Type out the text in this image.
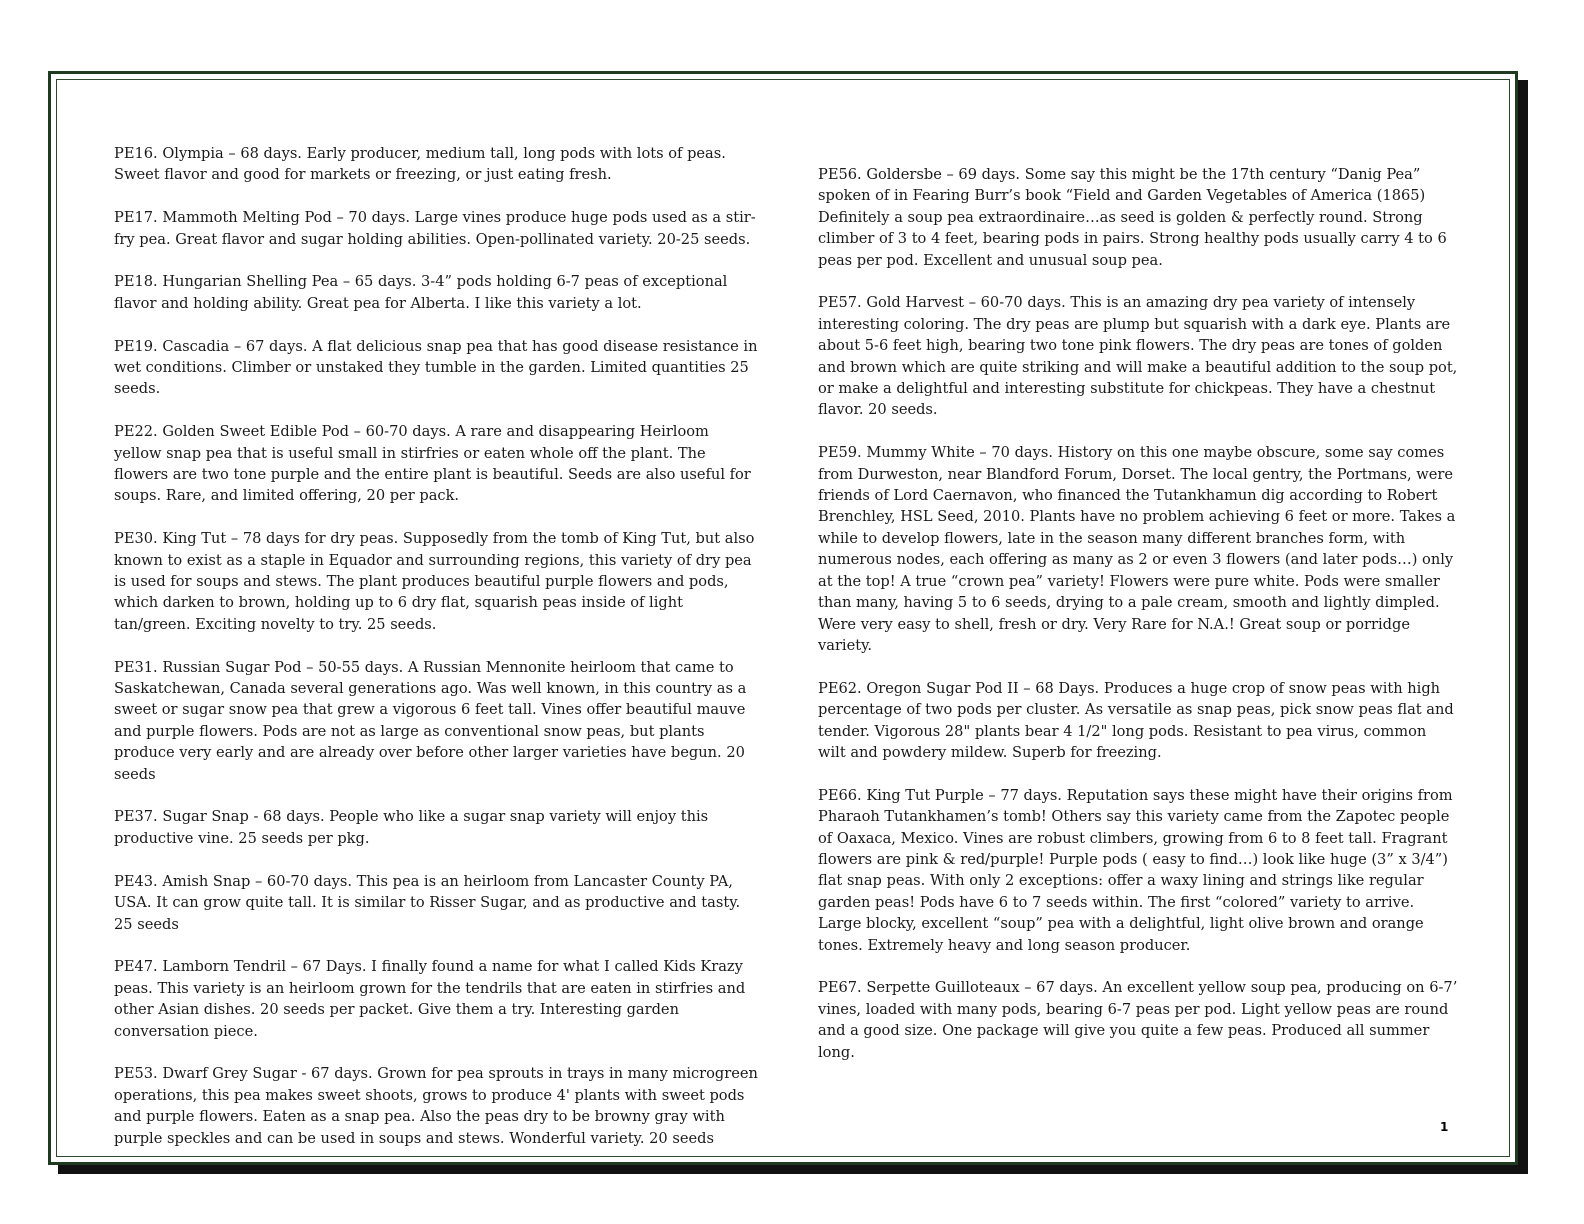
PE16. Olympia – 68 days. Early producer, medium tall, long pods with lots of peas. Sweet flavor and good for markets or freezing, or just eating fresh.

PE17. Mammoth Melting Pod – 70 days. Large vines produce huge pods used as a stir-fry pea. Great flavor and sugar holding abilities. Open-pollinated variety. 20-25 seeds.

PE18. Hungarian Shelling Pea – 65 days. 3-4” pods holding 6-7 peas of exceptional flavor and holding ability. Great pea for Alberta. I like this variety a lot.

PE19. Cascadia – 67 days. A flat delicious snap pea that has good disease resistance in wet conditions. Climber or unstaked they tumble in the garden. Limited quantities 25 seeds.

PE22. Golden Sweet Edible Pod – 60-70 days. A rare and disappearing Heirloom yellow snap pea that is useful small in stirfries or eaten whole off the plant. The flowers are two tone purple and the entire plant is beautiful. Seeds are also useful for soups. Rare, and limited offering, 20 per pack.

PE30. King Tut – 78 days for dry peas. Supposedly from the tomb of King Tut, but also known to exist as a staple in Equador and surrounding regions, this variety of dry pea is used for soups and stews. The plant produces beautiful purple flowers and pods, which darken to brown, holding up to 6 dry flat, squarish peas inside of light tan/green. Exciting novelty to try. 25 seeds.

PE31. Russian Sugar Pod – 50-55 days. A Russian Mennonite heirloom that came to Saskatchewan, Canada several generations ago. Was well known, in this country as a sweet or sugar snow pea that grew a vigorous 6 feet tall. Vines offer beautiful mauve and purple flowers. Pods are not as large as conventional snow peas, but plants produce very early and are already over before other larger varieties have begun. 20 seeds

PE37. Sugar Snap - 68 days. People who like a sugar snap variety will enjoy this productive vine. 25 seeds per pkg.

PE43. Amish Snap – 60-70 days. This pea is an heirloom from Lancaster County PA, USA. It can grow quite tall. It is similar to Risser Sugar, and as productive and tasty. 25 seeds

PE47. Lamborn Tendril – 67 Days. I finally found a name for what I called Kids Krazy peas. This variety is an heirloom grown for the tendrils that are eaten in stirfries and other Asian dishes. 20 seeds per packet. Give them a try. Interesting garden conversation piece.

PE53. Dwarf Grey Sugar - 67 days. Grown for pea sprouts in trays in many microgreen operations, this pea makes sweet shoots, grows to produce 4' plants with sweet pods and purple flowers. Eaten as a snap pea. Also the peas dry to be browny gray with purple speckles and can be used in soups and stews. Wonderful variety. 20 seeds

PE56. Goldersbe – 69 days. Some say this might be the 17th century “Danig Pea” spoken of in Fearing Burr’s book “Field and Garden Vegetables of America (1865) Definitely a soup pea extraordinaire…as seed is golden & perfectly round. Strong climber of 3 to 4 feet, bearing pods in pairs. Strong healthy pods usually carry 4 to 6 peas per pod. Excellent and unusual soup pea.

PE57. Gold Harvest – 60-70 days. This is an amazing dry pea variety of intensely interesting coloring. The dry peas are plump but squarish with a dark eye. Plants are about 5-6 feet high, bearing two tone pink flowers. The dry peas are tones of golden and brown which are quite striking and will make a beautiful addition to the soup pot, or make a delightful and interesting substitute for chickpeas. They have a chestnut flavor. 20 seeds.

PE59. Mummy White – 70 days. History on this one maybe obscure, some say comes from Durweston, near Blandford Forum, Dorset. The local gentry, the Portmans, were friends of Lord Caernavon, who financed the Tutankhamun dig according to Robert Brenchley, HSL Seed, 2010. Plants have no problem achieving 6 feet or more. Takes a while to develop flowers, late in the season many different branches form, with numerous nodes, each offering as many as 2 or even 3 flowers (and later pods…) only at the top! A true “crown pea” variety! Flowers were pure white. Pods were smaller than many, having 5 to 6 seeds, drying to a pale cream, smooth and lightly dimpled. Were very easy to shell, fresh or dry. Very Rare for N.A.! Great soup or porridge variety.

PE62. Oregon Sugar Pod II – 68 Days. Produces a huge crop of snow peas with high percentage of two pods per cluster. As versatile as snap peas, pick snow peas flat and tender. Vigorous 28" plants bear 4 1/2" long pods. Resistant to pea virus, common wilt and powdery mildew. Superb for freezing.

PE66. King Tut Purple – 77 days. Reputation says these might have their origins from Pharaoh Tutankhamen’s tomb! Others say this variety came from the Zapotec people of Oaxaca, Mexico. Vines are robust climbers, growing from 6 to 8 feet tall. Fragrant flowers are pink & red/purple! Purple pods ( easy to find…) look like huge (3” x 3/4”) flat snap peas. With only 2 exceptions: offer a waxy lining and strings like regular garden peas! Pods have 6 to 7 seeds within. The first “colored” variety to arrive. Large blocky, excellent “soup” pea with a delightful, light olive brown and orange tones. Extremely heavy and long season producer.

PE67. Serpette Guilloteaux – 67 days. An excellent yellow soup pea, producing on 6-7’ vines, loaded with many pods, bearing 6-7 peas per pod. Light yellow peas are round and a good size. One package will give you quite a few peas. Produced all summer long.

1
